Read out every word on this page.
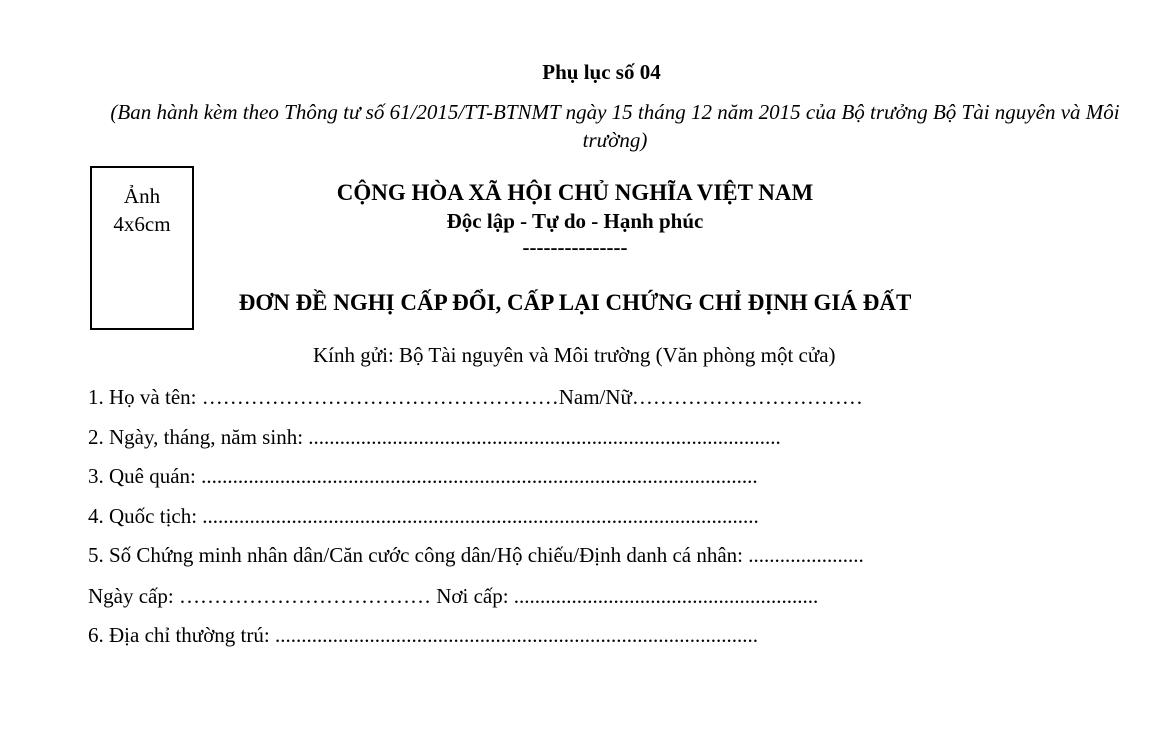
Phụ lục số 04
(Ban hành kèm theo Thông tư số 61/2015/TT-BTNMT ngày 15 tháng 12 năm 2015 của Bộ trưởng Bộ Tài nguyên và Môi trường)
Ảnh
4x6cm
CỘNG HÒA XÃ HỘI CHỦ NGHĨA VIỆT NAM
Độc lập - Tự do - Hạnh phúc
---------------
ĐƠN ĐỀ NGHỊ CẤP ĐỔI, CẤP LẠI CHỨNG CHỈ ĐỊNH GIÁ ĐẤT
Kính gửi: Bộ Tài nguyên và Môi trường (Văn phòng một cửa)
1. Họ và tên: ……………………………………………Nam/Nữ……………………………
2. Ngày, tháng, năm sinh: ..........................................................................................
3. Quê quán: ..........................................................................................................
4. Quốc tịch: ..........................................................................................................
5. Số Chứng minh nhân dân/Căn cước công dân/Hộ chiếu/Định danh cá nhân: ......................
Ngày cấp: ……………………………… Nơi cấp: ..........................................................
6. Địa chỉ thường trú: ............................................................................................
